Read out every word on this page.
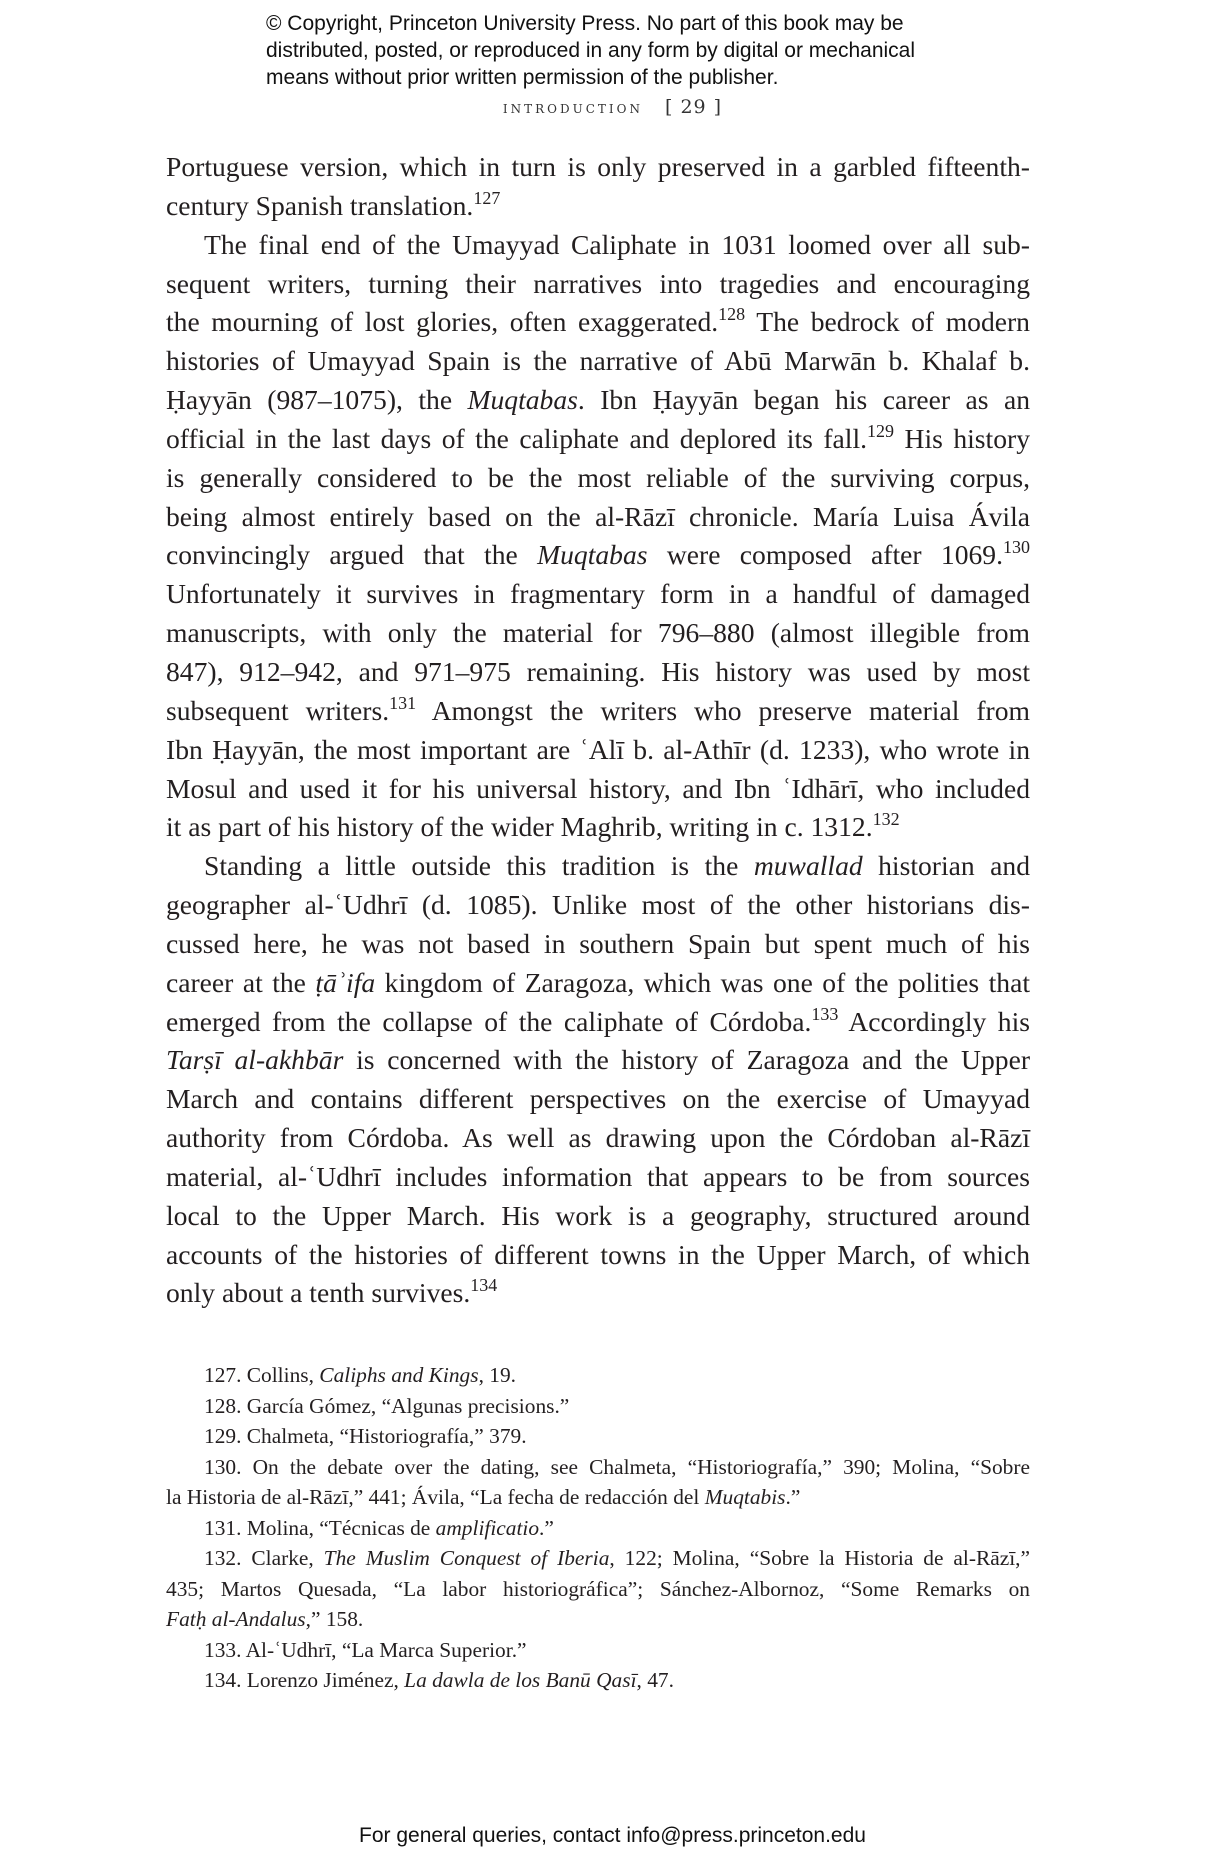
© Copyright, Princeton University Press. No part of this book may be
distributed, posted, or reproduced in any form by digital or mechanical
means without prior written permission of the publisher.
introduction [ 29 ]
Portuguese version, which in turn is only preserved in a garbled fifteenth-
century Spanish translation.$^{127}$
The final end of the Umayyad Caliphate in 1031 loomed over all sub-
sequent writers, turning their narratives into tragedies and encouraging
the mourning of lost glories, often exaggerated.$^{128}$ The bedrock of modern
histories of Umayyad Spain is the narrative of Abū Marwān b. Khalaf b.
Ḥayyān (987–1075), the Muqtabas. Ibn Ḥayyān began his career as an
official in the last days of the caliphate and deplored its fall.$^{129}$ His history
is generally considered to be the most reliable of the surviving corpus,
being almost entirely based on the al-Rāzī chronicle. María Luisa Ávila
convincingly argued that the Muqtabas were composed after 1069.$^{130}$
Unfortunately it survives in fragmentary form in a handful of damaged
manuscripts, with only the material for 796–880 (almost illegible from
847), 912–942, and 971–975 remaining. His history was used by most
subsequent writers.$^{131}$ Amongst the writers who preserve material from
Ibn Ḥayyān, the most important are ʿAlī b. al-Athīr (d. 1233), who wrote in
Mosul and used it for his universal history, and Ibn ʿIdhārī, who included
it as part of his history of the wider Maghrib, writing in c. 1312.$^{132}$
Standing a little outside this tradition is the muwallad historian and
geographer al-ʿUdhrī (d. 1085). Unlike most of the other historians dis-
cussed here, he was not based in southern Spain but spent much of his
career at the ṭāʾifa kingdom of Zaragoza, which was one of the polities that
emerged from the collapse of the caliphate of Córdoba.$^{133}$ Accordingly his
Tarṣī al-akhbār is concerned with the history of Zaragoza and the Upper
March and contains different perspectives on the exercise of Umayyad
authority from Córdoba. As well as drawing upon the Córdoban al-Rāzī
material, al-ʿUdhrī includes information that appears to be from sources
local to the Upper March. His work is a geography, structured around
accounts of the histories of different towns in the Upper March, of which
only about a tenth survives.$^{134}$
127. Collins, Caliphs and Kings, 19.
128. García Gómez, “Algunas precisions.”
129. Chalmeta, “Historiografía,” 379.
130. On the debate over the dating, see Chalmeta, “Historiografía,” 390; Molina, “Sobre
la Historia de al-Rāzī,” 441; Ávila, “La fecha de redacción del Muqtabis.”
131. Molina, “Técnicas de amplificatio.”
132. Clarke, The Muslim Conquest of Iberia, 122; Molina, “Sobre la Historia de al-Rāzī,”
435; Martos Quesada, “La labor historiográfica”; Sánchez-Albornoz, “Some Remarks on
Fatḥ al-Andalus,” 158.
133. Al-ʿUdhrī, “La Marca Superior.”
134. Lorenzo Jiménez, La dawla de los Banū Qasī, 47.
For general queries, contact info@press.princeton.edu
